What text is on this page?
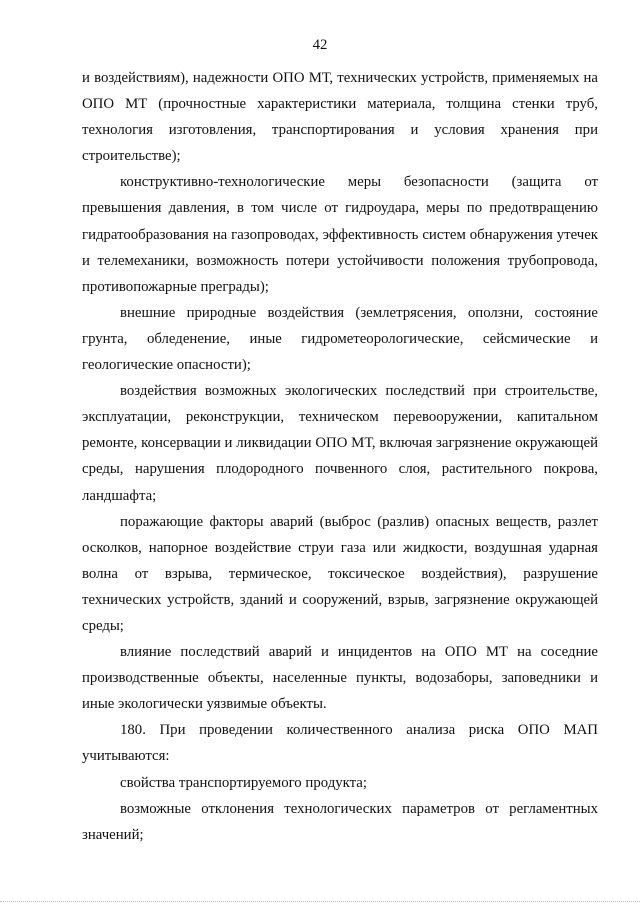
42

и воздействиям), надежности ОПО МТ, технических устройств, применяемых на ОПО МТ (прочностные характеристики материала, толщина стенки труб, технология изготовления, транспортирования и условия хранения при строительстве);

конструктивно-технологические меры безопасности (защита от превышения давления, в том числе от гидроудара, меры по предотвращению гидратообразования на газопроводах, эффективность систем обнаружения утечек и телемеханики, возможность потери устойчивости положения трубопровода, противопожарные преграды);

внешние природные воздействия (землетрясения, оползни, состояние грунта, обледенение, иные гидрометеорологические, сейсмические и геологические опасности);

воздействия возможных экологических последствий при строительстве, эксплуатации, реконструкции, техническом перевооружении, капитальном ремонте, консервации и ликвидации ОПО МТ, включая загрязнение окружающей среды, нарушения плодородного почвенного слоя, растительного покрова, ландшафта;

поражающие факторы аварий (выброс (разлив) опасных веществ, разлет осколков, напорное воздействие струи газа или жидкости, воздушная ударная волна от взрыва, термическое, токсическое воздействия), разрушение технических устройств, зданий и сооружений, взрыв, загрязнение окружающей среды;

влияние последствий аварий и инцидентов на ОПО МТ на соседние производственные объекты, населенные пункты, водозаборы, заповедники и иные экологически уязвимые объекты.

180. При проведении количественного анализа риска ОПО МАП учитываются:

свойства транспортируемого продукта;

возможные отклонения технологических параметров от регламентных значений;
